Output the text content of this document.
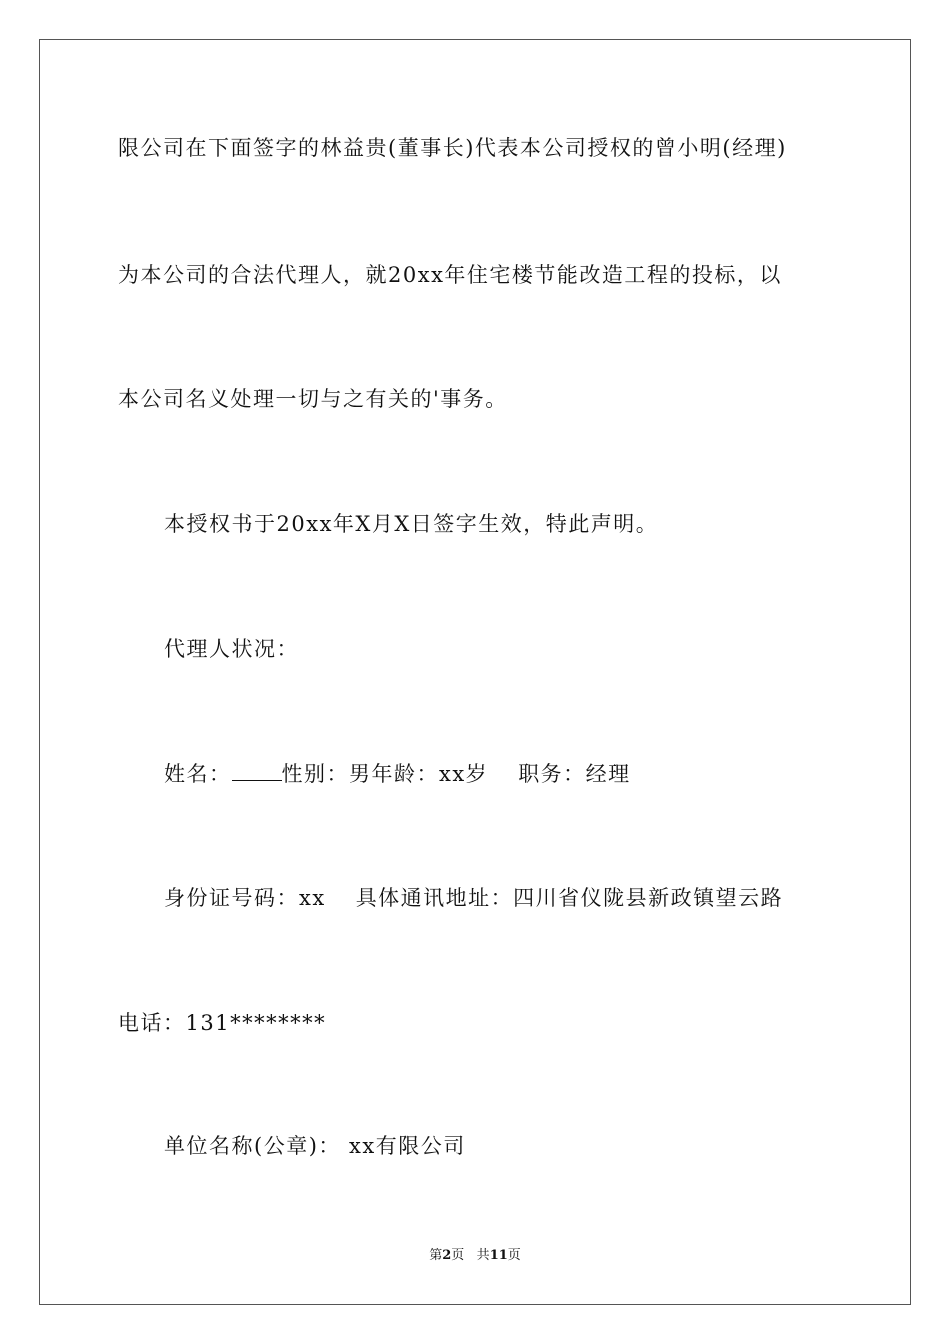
限公司在下面签字的林益贵(董事长)代表本公司授权的曾小明(经理)
为本公司的合法代理人，就20xx年住宅楼节能改造工程的投标，以
本公司名义处理一切与之有关的'事务。
本授权书于20xx年X月X日签字生效，特此声明。
代理人状况：
姓名： 性别：男年龄：xx岁 职务：经理
身份证号码：xx 具体通讯地址：四川省仪陇县新政镇望云路
电话：131********
单位名称(公章)： xx有限公司
第2页 共11页
